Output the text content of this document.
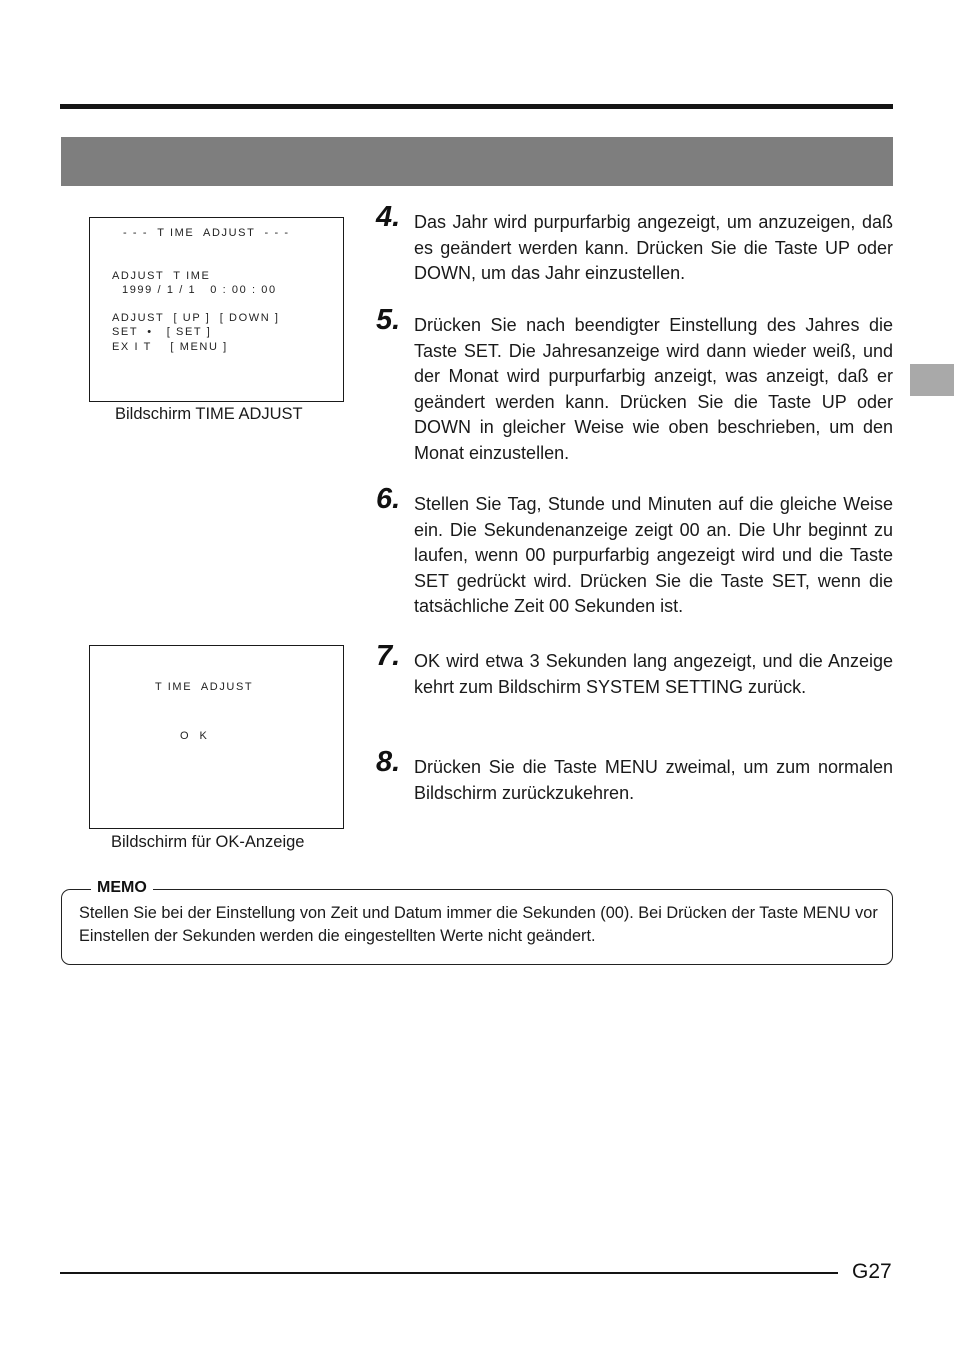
- - -  T IME  ADJUST  - - -
ADJUST  T IME
1999 / 1 / 1   0 : 00 : 00
ADJUST  [ UP ]  [ DOWN ]
SET  •   [ SET ]
EX I T    [ MENU ]
Bildschirm TIME ADJUST
T IME  ADJUST
O  K
Bildschirm für OK-Anzeige
4. Das Jahr wird purpurfarbig angezeigt, um anzuzeigen, daß es geändert werden kann. Drücken Sie die Taste UP oder DOWN, um das Jahr einzustellen.
5. Drücken Sie nach beendigter Einstellung des Jahres die Taste SET. Die Jahresanzeige wird dann wieder weiß, und der Monat wird purpurfarbig anzeigt, was anzeigt, daß er geändert werden kann. Drücken Sie die Taste UP oder DOWN in gleicher Weise wie oben beschrieben, um den Monat einzustellen.
6. Stellen Sie Tag, Stunde und Minuten auf die gleiche Weise ein. Die Sekundenanzeige zeigt 00 an. Die Uhr beginnt zu laufen, wenn 00 purpurfarbig angezeigt wird und die Taste SET gedrückt wird. Drücken Sie die Taste SET, wenn die tatsächliche Zeit 00 Sekunden ist.
7. OK wird etwa 3 Sekunden lang angezeigt, und die Anzeige kehrt zum Bildschirm SYSTEM SETTING zurück.
8. Drücken Sie die Taste MENU zweimal, um zum normalen Bildschirm zurückzukehren.
MEMO
Stellen Sie bei der Einstellung von Zeit und Datum immer die Sekunden (00). Bei Drücken der Taste MENU vor Einstellen der Sekunden werden die eingestellten Werte nicht geändert.
G27
